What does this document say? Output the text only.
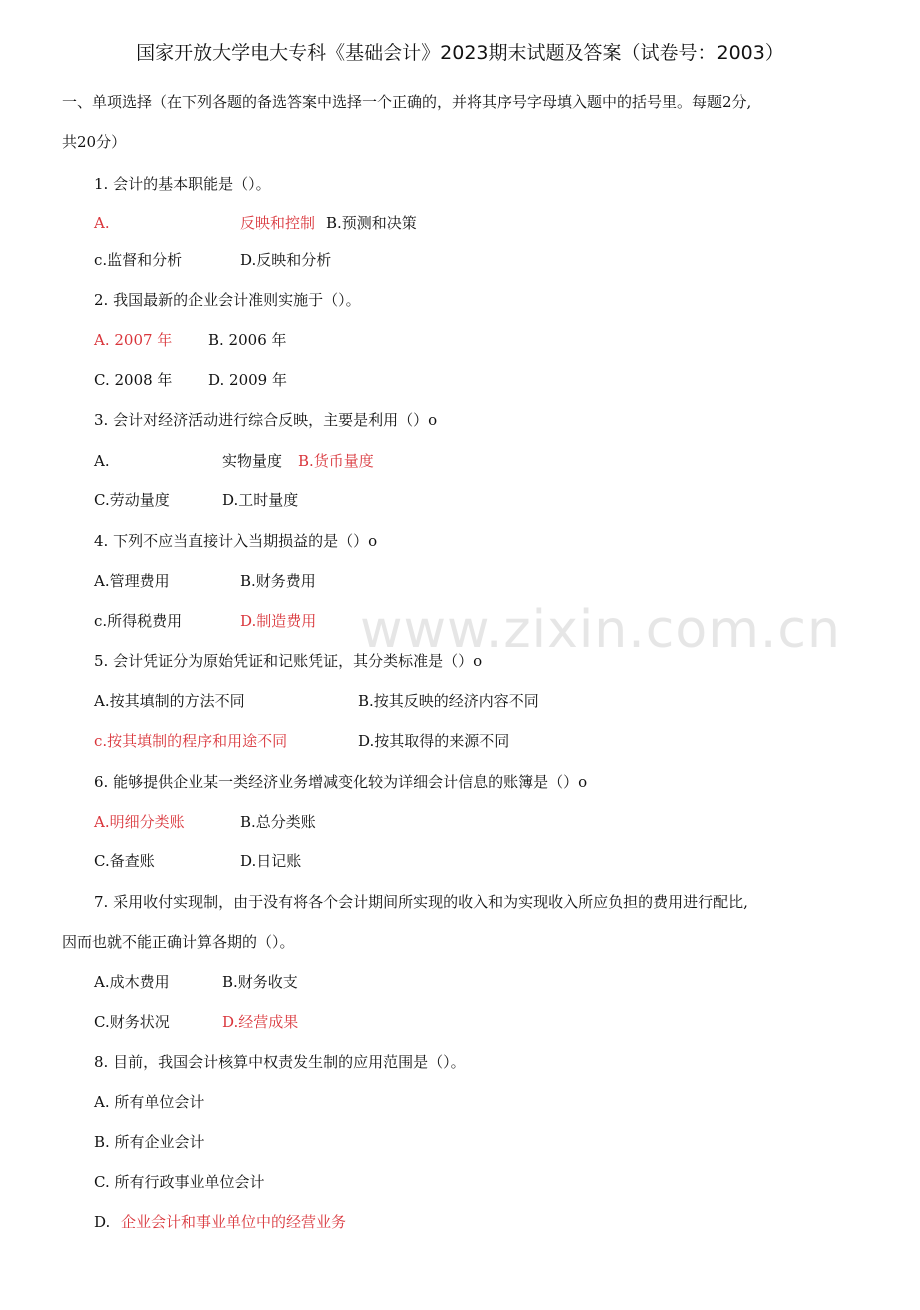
www.zixin.com.cn
国家开放大学电大专科《基础会计》2023期末试题及答案（试卷号：2003）
一、单项选择（在下列各题的备选答案中选择一个正确的，并将其序号字母填入题中的括号里。每题2分,
共20分）
1. 会计的基本职能是（）。
A.	反映和控制 B.预测和决策
c.监督和分析	D.反映和分析
2. 我国最新的企业会计准则实施于（）。
A. 2007 年 B. 2006 年
C. 2008 年 D. 2009 年
3. 会计对经济活动进行综合反映，主要是利用（）o
A.	实物量度 B.货币量度
C.劳动量度	D.工时量度
4. 下列不应当直接计入当期损益的是（）o
A.管理费用	B.财务费用
c.所得税费用	D.制造费用
5. 会计凭证分为原始凭证和记账凭证，其分类标准是（）o
A.按其填制的方法不同	B.按其反映的经济内容不同
c.按其填制的程序和用途不同	D.按其取得的来源不同
6. 能够提供企业某一类经济业务增减变化较为详细会计信息的账簿是（）o
A.明细分类账	B.总分类账
C.备查账	D.日记账
7. 采用收付实现制，由于没有将各个会计期间所实现的收入和为实现收入所应负担的费用进行配比,
因而也就不能正确计算各期的（）。
A.成木费用	B.财务收支
C.财务状况	D.经营成果
8. 目前，我国会计核算中权责发生制的应用范围是（）。
A. 所有单位会计
B. 所有企业会计
C. 所有行政事业单位会计
D. 企业会计和事业单位中的经营业务
